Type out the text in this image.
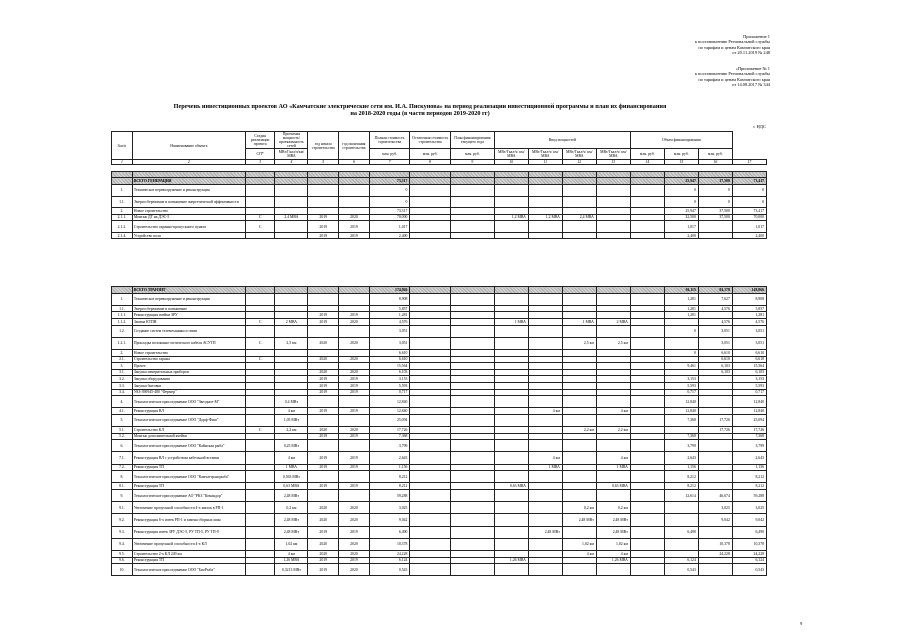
Приложение 1
к постановлению Региональной службы
по тарифам и ценам Камчатского края
от 20.11.2019 № 248
«Приложение № 1
к постановлению Региональной службы
по тарифам и ценам Камчатского края
от 14.08.2017 № 344
Перечень инвестиционных проектов АО «Камчатские электрические сети им. И.А. Пискунова» на период реализации инвестиционной программы и план их финансирования
на 2018-2020 годы (в части периодов 2019-2020 гг)
с НДС
№п/п	Наименование объекта	Стадия реализации проекта	Проектная мощность/ протяженность сетей	год начала строительства	год окончания строительства	Полная стоимость строительства	Остаточная стоимость строительства	План финансирования текущего года	Ввод мощностей				Объем финансирования			
		СП*	МВт/Гкал/ч/км/ МВА			млн. руб.	млн. руб.	млн. руб.	МВт/Гкал/ч/ км/МВА	МВт/Гкал/ч/ км/МВА	МВт/Гкал/ч/ км/МВА	МВт/Гкал/ч/ км/МВА	млн. руб.	млн. руб.	млн. руб.	
1	2	3	4	5	6	7	8	9	10	11	12	13	14	15	16	17

	ВСЕГО ГЕНЕРАЦИЯ					73,317								25,947	37,500	73,417
1.	Техническое перевооружение и реконструкция					0								0	0	0
1.1.	Энергосбережение и повышение энергетической эффективности					0								0	0	0
2.	Новое строительство					73,317								25,947	37,500	73,417
2.1.1.	Монтаж ДГ на ДЭС-5	С	2,4 МВА	2019	2020	70,000			1,2 МВА	1,2 МВА	2,4 МВА			32,500	37,500	70,000
2.1.2.	Строительство охранно-пропускного пункта	С		2019	2019	1,017								1,017		1,017
2.1.4.	Устройство поля			2019	2019	2,400								2,400		2,400
	ВСЕГО ТРАНЗИТ					174,926								94,115	84,178	148,866
1.	Техническое перевооружение и реконструкция					8,908								1,281	7,627	8,908
1.1.	Энергосбережение и повышение					5,857								1,281	4,576	5,857
1.1.1.	Реконструкция ячейки ЗРУ			2019	2019	1,281								1,281		1,281
1.1.2.	Замена КТПН	С	2 МВА	2019	2020	4,576			1 МВА		1 МВА	2 МВА			4,576	4,576
1.2.	Создание систем телемеханики и связи					3,051								0	3,051	3,051
1.2.1.	Прокладка волоконно-оптического кабеля АСУТП	С	2,5 км	2020	2020	3,051					2,5 км	2,5 км			3,051	3,051
2.	Новое строительство					6,610								0	6,610	6,610
2.1.	Строительство гаража	С		2020	2020	6,610									6,610	6,610
3.	Прочее					15,564								9,461	6,103	15,564
3.1.	Закупка измерительных приборов			2020	2020	6,103									6,103	6,103
3.2.	Закупка оборудования			2019	2019	3,153								3,153		3,153
3.3.	Закупка бытовки			2019	2019	5,593								5,593		5,593
3.4.	УАЗ-390945-480 "Фермер"			2019	2019	0,717								0,717		0,717
4.	Технологическое присоединение ООО "Звездное-М"		0,4 МВт			12,840								12,840		12,840
4.1.	Реконструкция ВЛ		4 км	2019	2019	12,840				4 км		4 км		12,840		12,840
5.	Технологическое присоединение ООО "Дорф-Фиш"		1,05 МВт			25,094								7,368	17,726	25,094
5.1.	Строительство КЛ	С	2,2 км	2020	2020	17,726					2,2 км	2,2 км			17,726	17,726
5.2.	Монтаж дополнительной ячейки			2019	2019	7,368								7,368		7,368
6.	Технологическое присоединение ООО "Кайнская рыба"		0,25 МВт			3,799								3,799		3,799
7.1.	Реконструкция ВЛ с устройством кабельной вставки		4 км	2019	2019	2,643				4 км		4 км		2,643		2,643
7.2.	Реконструкция ТП		1 МВА	2019	2019	1,156				1 МВА		1 МВА		1,156		1,156
8.	Технологическое присоединение ООО "Камчаттрансрыба"		0,563 МВт			8,212								8,212		8,212
8.1.	Реконструкция ТП		0,63 МВА	2019	2019	8,212			0,63 МВА			0,63 МВА		8,212		8,212
9.	Технологическое присоединение АО "РКЗ "Командор"		2,48 МВт			59,288								12,614	46,674	59,288
9.1.	Увеличение пропускной способности 4-х жилок в РП-1		0,2 км	2020	2020	3,025					0,2 км	0,2 км			3,025	3,025
9.2.	Реконструкция 6-х ячеек РП-1 и замена сборных шин		2,48 МВт	2020	2020	9,042					2,48 МВт	2,48 МВт			9,042	9,042
9.3.	Реконструкция ячеек ЗРУ ДЭС-5, РУ ТП-5, РУ ТП-9		2,48 МВт	2019	2019	6,490				2,48 МВт		2,48 МВт		6,490		6,490
9.4.	Увеличение пропускной способности 4-х КЛ		1,02 км	2020	2020	10,378					1,02 км	1,02 км			10,378	10,378
9.5.	Строительство 2-х КЛ 249 км		4 км	2020	2020	24,228					4 км	4 км			24,228	24,228
9.6.	Реконструкция ТП		1,26 МВА	2019	2019	6,124			1,26 МВА			1,26 МВА		6,124		6,124
10.	Технологическое присоединение ООО "БиоРыба"		0,3213 МВт	2019	2020	0,543								0,543		0,543
9
